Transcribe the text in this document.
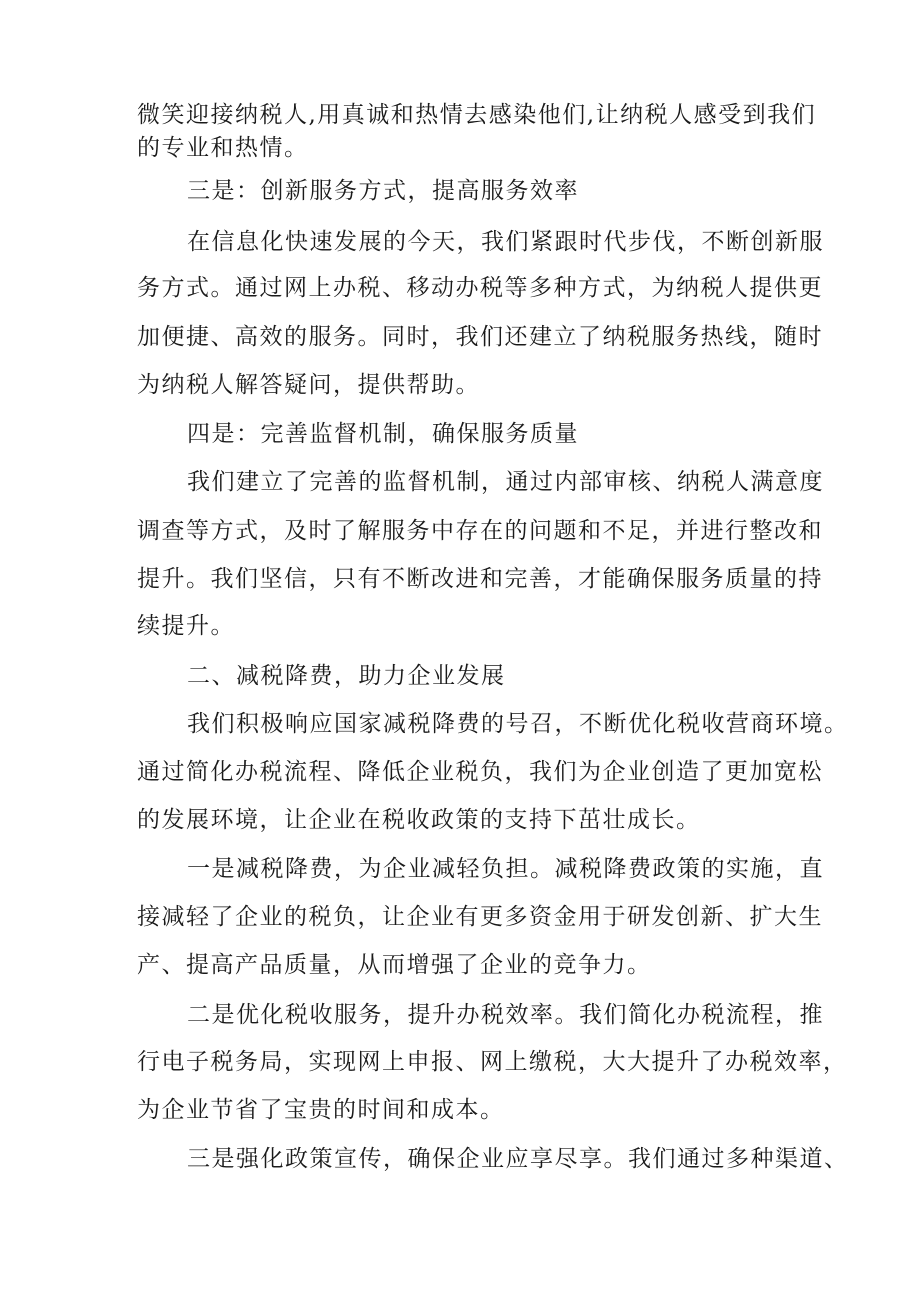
微笑迎接纳税人,用真诚和热情去感染他们,让纳税人感受到我们
的专业和热情。
三是：创新服务方式，提高服务效率
在信息化快速发展的今天，我们紧跟时代步伐，不断创新服
务方式。通过网上办税、移动办税等多种方式，为纳税人提供更
加便捷、高效的服务。同时，我们还建立了纳税服务热线，随时
为纳税人解答疑问，提供帮助。
四是：完善监督机制，确保服务质量
我们建立了完善的监督机制，通过内部审核、纳税人满意度
调查等方式，及时了解服务中存在的问题和不足，并进行整改和
提升。我们坚信，只有不断改进和完善，才能确保服务质量的持
续提升。
二、减税降费，助力企业发展
我们积极响应国家减税降费的号召，不断优化税收营商环境。
通过简化办税流程、降低企业税负，我们为企业创造了更加宽松
的发展环境，让企业在税收政策的支持下茁壮成长。
一是减税降费，为企业减轻负担。减税降费政策的实施，直
接减轻了企业的税负，让企业有更多资金用于研发创新、扩大生
产、提高产品质量，从而增强了企业的竞争力。
二是优化税收服务，提升办税效率。我们简化办税流程，推
行电子税务局，实现网上申报、网上缴税，大大提升了办税效率，
为企业节省了宝贵的时间和成本。
三是强化政策宣传，确保企业应享尽享。我们通过多种渠道、
